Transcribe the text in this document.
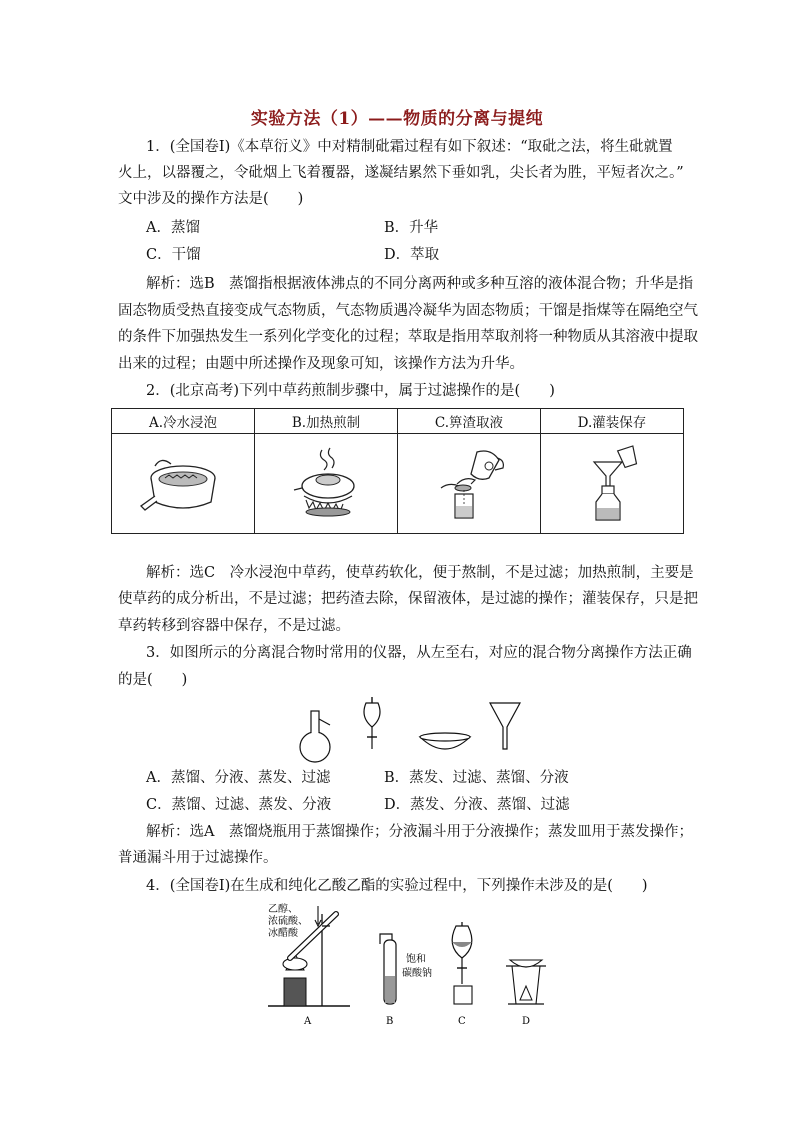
实验方法（1）——物质的分离与提纯
1．(全国卷Ⅰ)《本草衍义》中对精制砒霜过程有如下叙述：“取砒之法，将生砒就置
火上，以器覆之，令砒烟上飞着覆器，遂凝结累然下垂如乳，尖长者为胜，平短者次之。”
文中涉及的操作方法是(　　)
A．蒸馏	B．升华
C．干馏	D．萃取
解析：选B　蒸馏指根据液体沸点的不同分离两种或多种互溶的液体混合物；升华是指
固态物质受热直接变成气态物质，气态物质遇冷凝华为固态物质；干馏是指煤等在隔绝空气
的条件下加强热发生一系列化学变化的过程；萃取是指用萃取剂将一种物质从其溶液中提取
出来的过程；由题中所述操作及现象可知，该操作方法为升华。
2．(北京高考)下列中草药煎制步骤中，属于过滤操作的是(　　)
A.冷水浸泡	B.加热煎制	C.箅渣取液	D.灌装保存

解析：选C　冷水浸泡中草药，使草药软化，便于熬制，不是过滤；加热煎制，主要是
使草药的成分析出，不是过滤；把药渣去除，保留液体，是过滤的操作；灌装保存，只是把
草药转移到容器中保存，不是过滤。
3．如图所示的分离混合物时常用的仪器，从左至右，对应的混合物分离操作方法正确
的是(　　)
A．蒸馏、分液、蒸发、过滤	B．蒸发、过滤、蒸馏、分液
C．蒸馏、过滤、蒸发、分液	D．蒸发、分液、蒸馏、过滤
解析：选A　蒸馏烧瓶用于蒸馏操作；分液漏斗用于分液操作；蒸发皿用于蒸发操作；
普通漏斗用于过滤操作。
4．(全国卷Ⅰ)在生成和纯化乙酸乙酯的实验过程中，下列操作未涉及的是(　　)
乙醇、
浓硫酸、
冰醋酸
A
饱和
碳酸钠
B	C	D
